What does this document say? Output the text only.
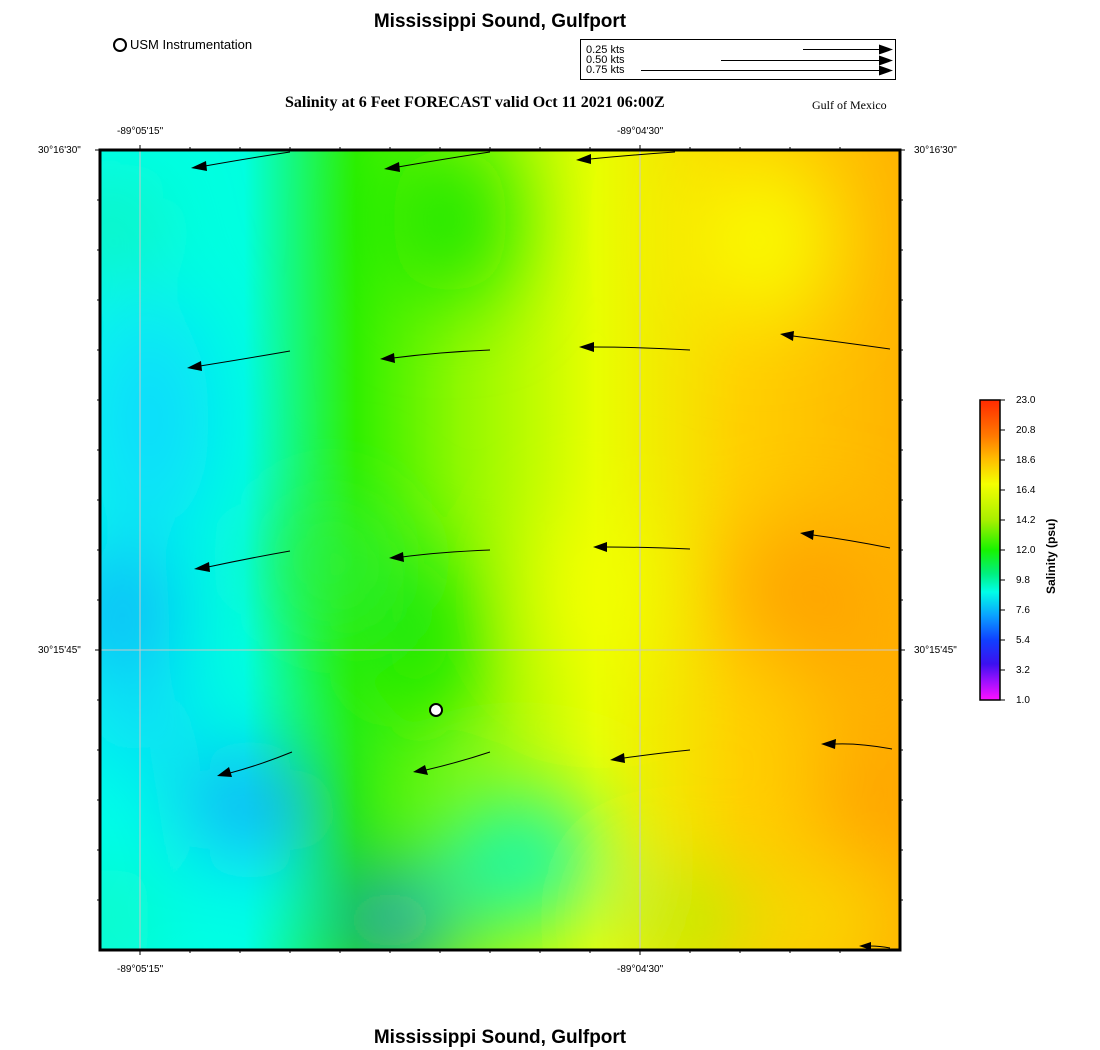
Mississippi Sound, Gulfport
USM Instrumentation	0.25 kts
0.50 kts
0.75 kts
Salinity at 6 Feet FORECAST valid Oct 11 2021 06:00Z	Gulf of Mexico
-89°05'15"	-89°04'30"
-89°05'15"	-89°04'30"
30°16'30"
30°15'45"
30°16'30"
30°15'45"
23.0
20.8
18.6
16.4
14.2
12.0
9.8
7.6
5.4
3.2
1.0
Salinity (psu)
Mississippi Sound, Gulfport
